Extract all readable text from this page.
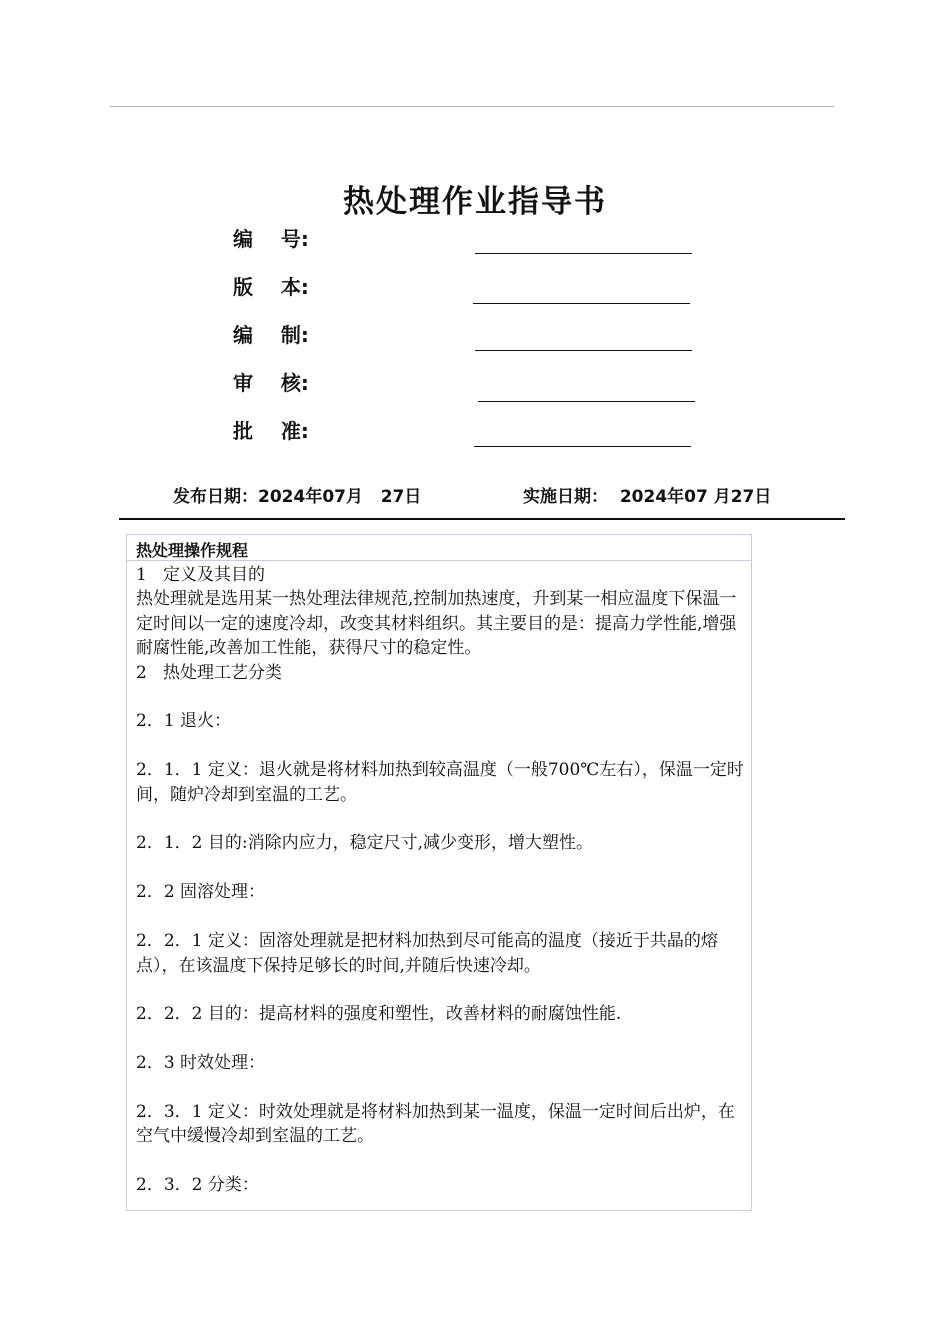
热处理作业指导书
编    号:
版    本:
编    制:
审    核:
批    准:
发布日期：2024年07月   27日	实施日期：  2024年07 月27日
热处理操作规程

1   定义及其目的

热处理就是选用某一热处理法律规范,控制加热速度，升到某一相应温度下保温一定时间以一定的速度冷却，改变其材料组织。其主要目的是：提高力学性能,增强耐腐性能,改善加工性能，获得尺寸的稳定性。

2   热处理工艺分类

2．1 退火：

2．1．1 定义：退火就是将材料加热到较高温度（一般700℃左右），保温一定时间，随炉冷却到室温的工艺。

2．1．2 目的:消除内应力，稳定尺寸,减少变形，增大塑性。

2．2 固溶处理：

2．2．1 定义：固溶处理就是把材料加热到尽可能高的温度（接近于共晶的熔点），在该温度下保持足够长的时间,并随后快速冷却。

2．2．2 目的：提高材料的强度和塑性，改善材料的耐腐蚀性能.

2．3 时效处理：

2．3．1 定义：时效处理就是将材料加热到某一温度，保温一定时间后出炉，在空气中缓慢冷却到室温的工艺。

2．3．2 分类：
